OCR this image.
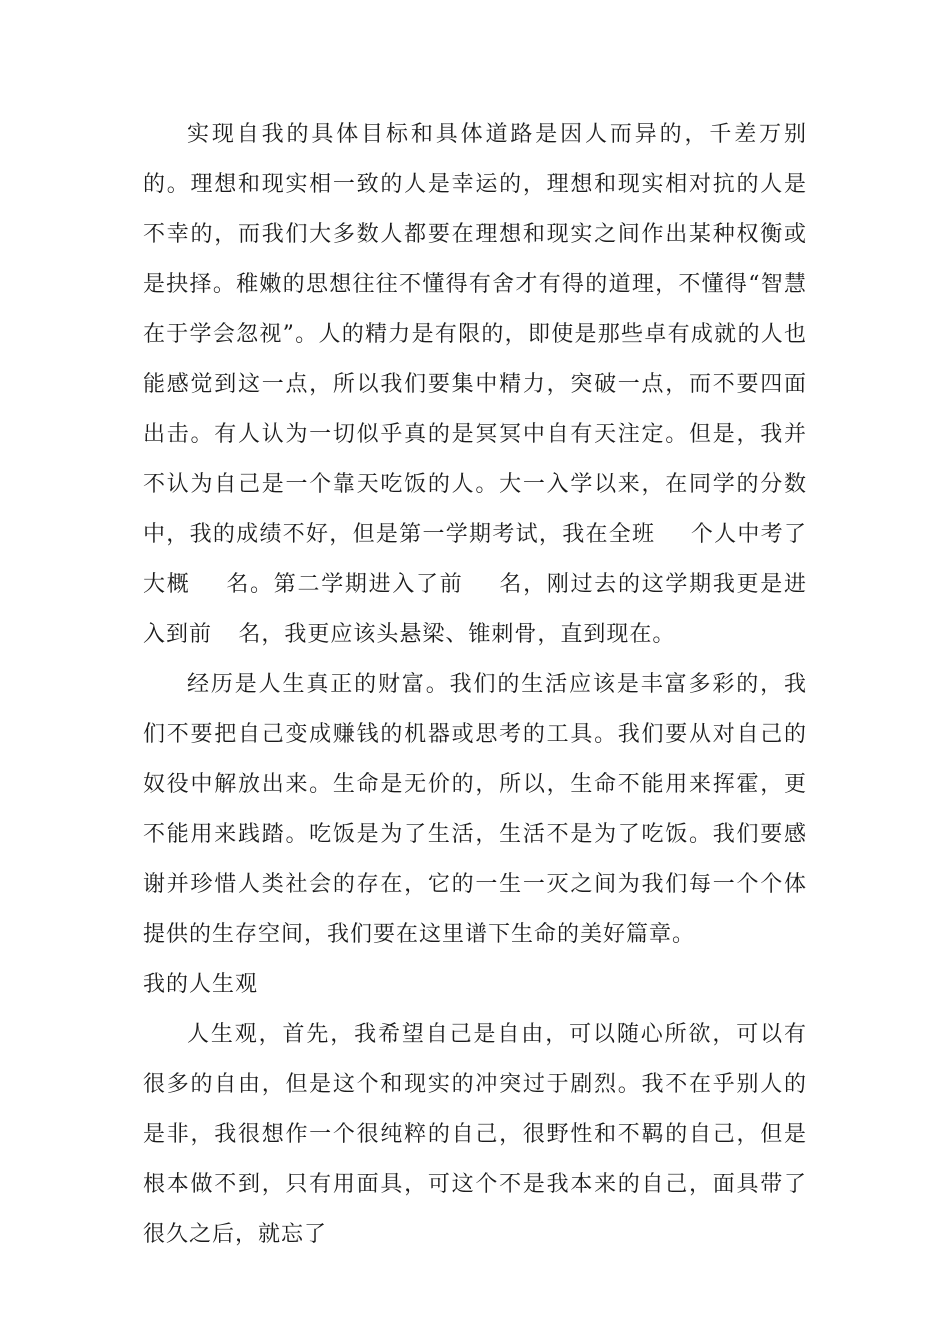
实现自我的具体目标和具体道路是因人而异的，千差万别的。理想和现实相一致的人是幸运的，理想和现实相对抗的人是不幸的，而我们大多数人都要在理想和现实之间作出某种权衡或是抉择。稚嫩的思想往往不懂得有舍才有得的道理，不懂得“智慧在于学会忽视”。人的精力是有限的，即使是那些卓有成就的人也能感觉到这一点，所以我们要集中精力，突破一点，而不要四面出击。有人认为一切似乎真的是冥冥中自有天注定。但是，我并不认为自己是一个靠天吃饭的人。大一入学以来，在同学的分数中，我的成绩不好，但是第一学期考试，我在全班 个人中考了大概 名。第二学期进入了前 名，刚过去的这学期我更是进入到前 名，我更应该头悬梁、锥刺骨，直到现在。

经历是人生真正的财富。我们的生活应该是丰富多彩的，我们不要把自己变成赚钱的机器或思考的工具。我们要从对自己的奴役中解放出来。生命是无价的，所以，生命不能用来挥霍，更不能用来践踏。吃饭是为了生活，生活不是为了吃饭。我们要感谢并珍惜人类社会的存在，它的一生一灭之间为我们每一个个体提供的生存空间，我们要在这里谱下生命的美好篇章。

我的人生观

人生观，首先，我希望自己是自由，可以随心所欲，可以有很多的自由，但是这个和现实的冲突过于剧烈。我不在乎别人的是非，我很想作一个很纯粹的自己，很野性和不羁的自己，但是根本做不到，只有用面具，可这个不是我本来的自己，面具带了很久之后，就忘了
